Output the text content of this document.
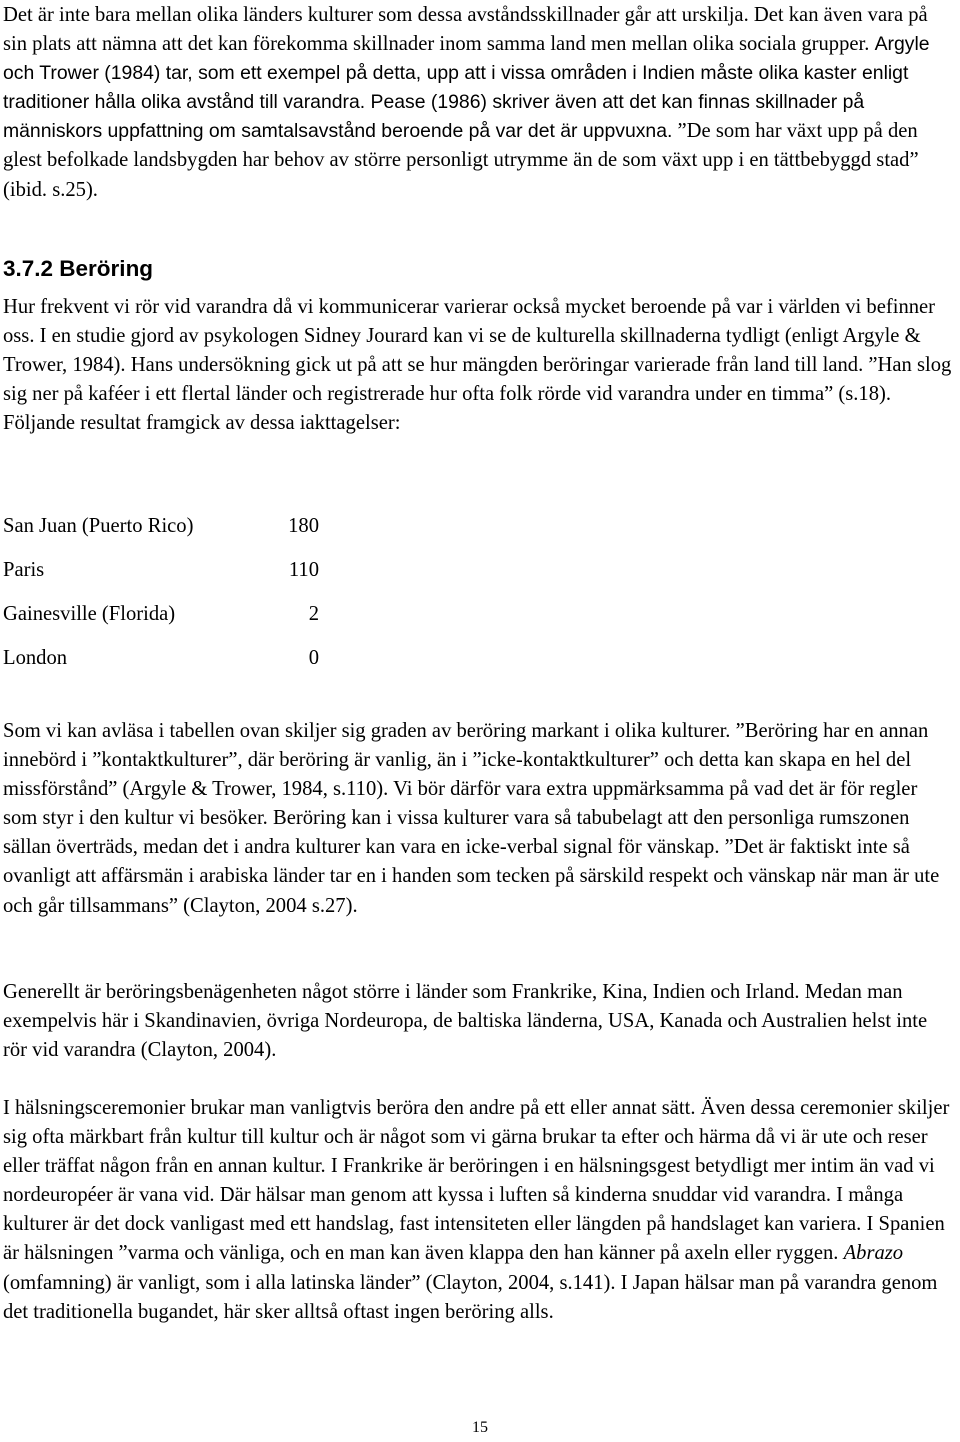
Det är inte bara mellan olika länders kulturer som dessa avståndsskillnader går att urskilja. Det kan även vara på sin plats att nämna att det kan förekomma skillnader inom samma land men mellan olika sociala grupper. Argyle och Trower (1984) tar, som ett exempel på detta, upp att i vissa områden i Indien måste olika kaster enligt traditioner hålla olika avstånd till varandra. Pease (1986) skriver även att det kan finnas skillnader på människors uppfattning om samtalsavstånd beroende på var det är uppvuxna. ”De som har växt upp på den glest befolkade landsbygden har behov av större personligt utrymme än de som växt upp i en tättbebyggd stad” (ibid. s.25).

3.7.2 Beröring

Hur frekvent vi rör vid varandra då vi kommunicerar varierar också mycket beroende på var i världen vi befinner oss. I en studie gjord av psykologen Sidney Jourard kan vi se de kulturella skillnaderna tydligt (enligt Argyle & Trower, 1984). Hans undersökning gick ut på att se hur mängden beröringar varierade från land till land. ”Han slog sig ner på kaféer i ett flertal länder och registrerade hur ofta folk rörde vid varandra under en timma” (s.18). Följande resultat framgick av dessa iakttagelser:

San Juan (Puerto Rico)	180
Paris	110
Gainesville (Florida)	2
London	0

Som vi kan avläsa i tabellen ovan skiljer sig graden av beröring markant i olika kulturer. ”Beröring har en annan innebörd i ”kontaktkulturer”, där beröring är vanlig, än i ”icke-kontaktkulturer” och detta kan skapa en hel del missförstånd” (Argyle & Trower, 1984, s.110). Vi bör därför vara extra uppmärksamma på vad det är för regler som styr i den kultur vi besöker. Beröring kan i vissa kulturer vara så tabubelagt att den personliga rumszonen sällan överträds, medan det i andra kulturer kan vara en icke-verbal signal för vänskap. ”Det är faktiskt inte så ovanligt att affärsmän i arabiska länder tar en i handen som tecken på särskild respekt och vänskap när man är ute och går tillsammans” (Clayton, 2004 s.27).

Generellt är beröringsbenägenheten något större i länder som Frankrike, Kina, Indien och Irland. Medan man exempelvis här i Skandinavien, övriga Nordeuropa, de baltiska länderna, USA, Kanada och Australien helst inte rör vid varandra (Clayton, 2004).

I hälsningsceremonier brukar man vanligtvis beröra den andre på ett eller annat sätt. Även dessa ceremonier skiljer sig ofta märkbart från kultur till kultur och är något som vi gärna brukar ta efter och härma då vi är ute och reser eller träffat någon från en annan kultur. I Frankrike är beröringen i en hälsningsgest betydligt mer intim än vad vi nordeuropéer är vana vid. Där hälsar man genom att kyssa i luften så kinderna snuddar vid varandra. I många kulturer är det dock vanligast med ett handslag, fast intensiteten eller längden på handslaget kan variera. I Spanien är hälsningen ”varma och vänliga, och en man kan även klappa den han känner på axeln eller ryggen. Abrazo (omfamning) är vanligt, som i alla latinska länder” (Clayton, 2004, s.141). I Japan hälsar man på varandra genom det traditionella bugandet, här sker alltså oftast ingen beröring alls.

15
